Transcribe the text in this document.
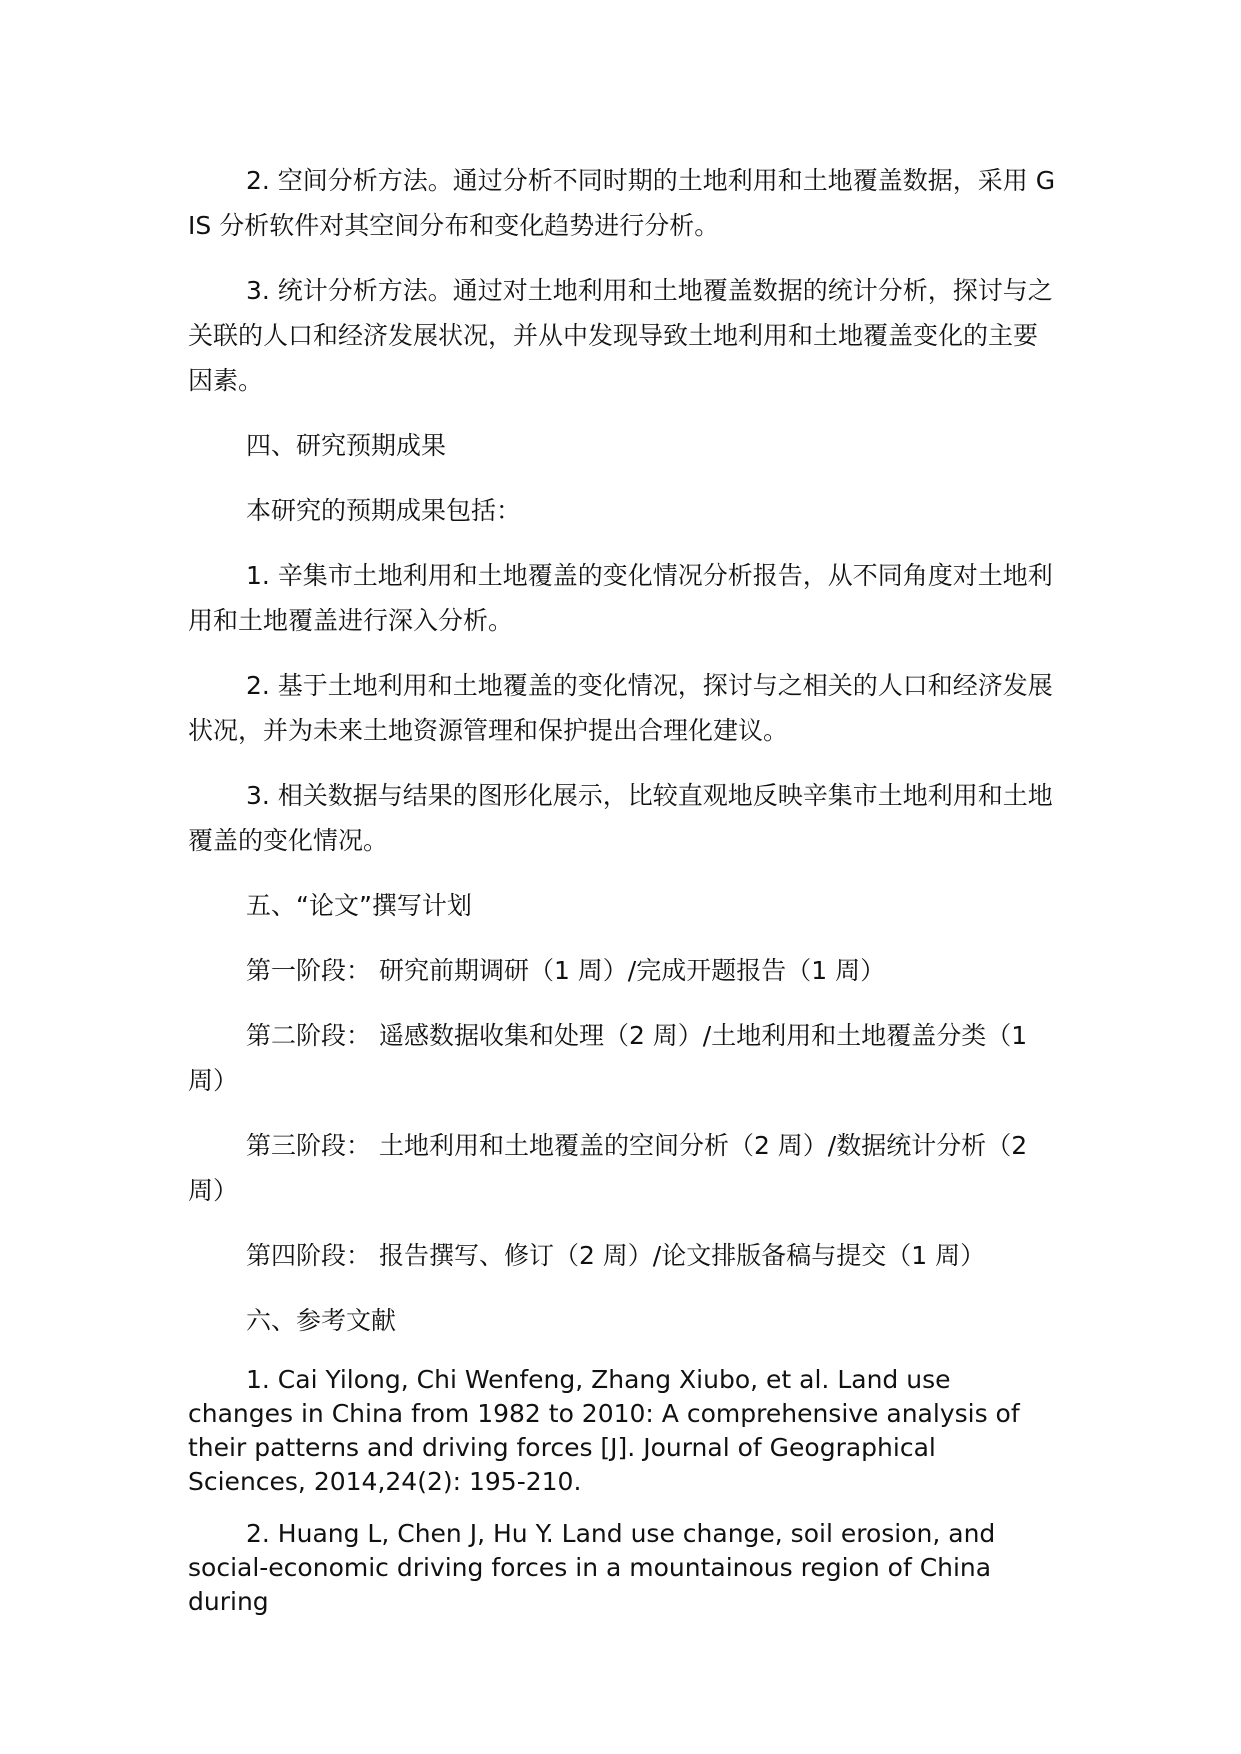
2. 空间分析方法。通过分析不同时期的土地利用和土地覆盖数据，采用 GIS 分析软件对其空间分布和变化趋势进行分析。

3. 统计分析方法。通过对土地利用和土地覆盖数据的统计分析，探讨与之关联的人口和经济发展状况，并从中发现导致土地利用和土地覆盖变化的主要因素。

四、研究预期成果

本研究的预期成果包括：

1. 辛集市土地利用和土地覆盖的变化情况分析报告，从不同角度对土地利用和土地覆盖进行深入分析。

2. 基于土地利用和土地覆盖的变化情况，探讨与之相关的人口和经济发展状况，并为未来土地资源管理和保护提出合理化建议。

3. 相关数据与结果的图形化展示，比较直观地反映辛集市土地利用和土地覆盖的变化情况。

五、“论文”撰写计划

第一阶段： 研究前期调研（1 周）/完成开题报告（1 周）

第二阶段： 遥感数据收集和处理（2 周）/土地利用和土地覆盖分类（1 周）

第三阶段： 土地利用和土地覆盖的空间分析（2 周）/数据统计分析（2 周）

第四阶段： 报告撰写、修订（2 周）/论文排版备稿与提交（1 周）

六、参考文献

1. Cai Yilong, Chi Wenfeng, Zhang Xiubo, et al. Land use changes in China from 1982 to 2010: A comprehensive analysis of their patterns and driving forces [J]. Journal of Geographical Sciences, 2014,24(2): 195-210.

2. Huang L, Chen J, Hu Y. Land use change, soil erosion, and social-economic driving forces in a mountainous region of China during
